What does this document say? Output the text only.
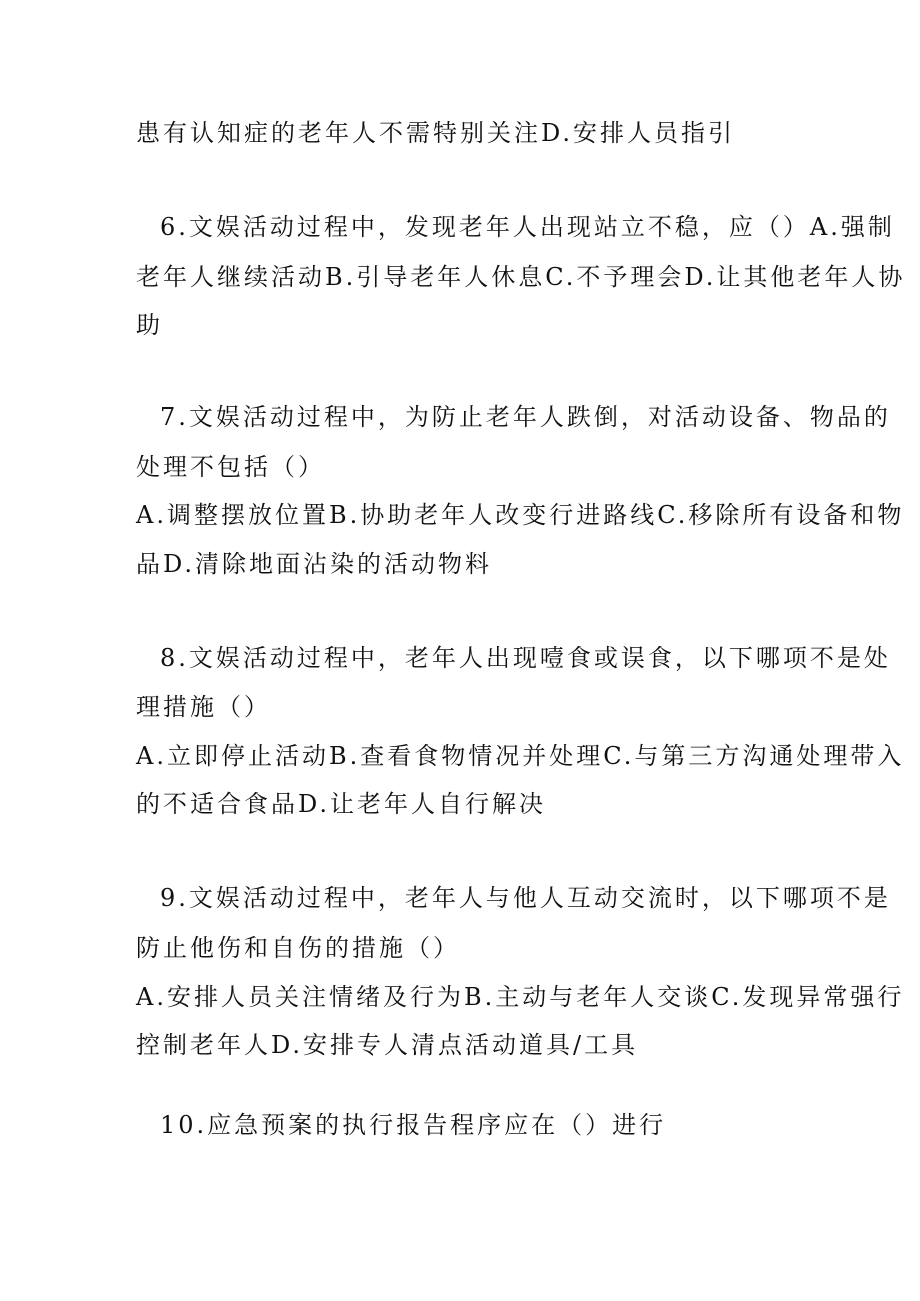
患有认知症的老年人不需特别关注D.安排人员指引
6.文娱活动过程中，发现老年人出现站立不稳，应（）A.强制
老年人继续活动B.引导老年人休息C.不予理会D.让其他老年人协
助
7.文娱活动过程中，为防止老年人跌倒，对活动设备、物品的
处理不包括（）
A.调整摆放位置B.协助老年人改变行进路线C.移除所有设备和物
品D.清除地面沾染的活动物料
8.文娱活动过程中，老年人出现噎食或误食，以下哪项不是处
理措施（）
A.立即停止活动B.查看食物情况并处理C.与第三方沟通处理带入
的不适合食品D.让老年人自行解决
9.文娱活动过程中，老年人与他人互动交流时，以下哪项不是
防止他伤和自伤的措施（）
A.安排人员关注情绪及行为B.主动与老年人交谈C.发现异常强行
控制老年人D.安排专人清点活动道具/工具
10.应急预案的执行报告程序应在（）进行
